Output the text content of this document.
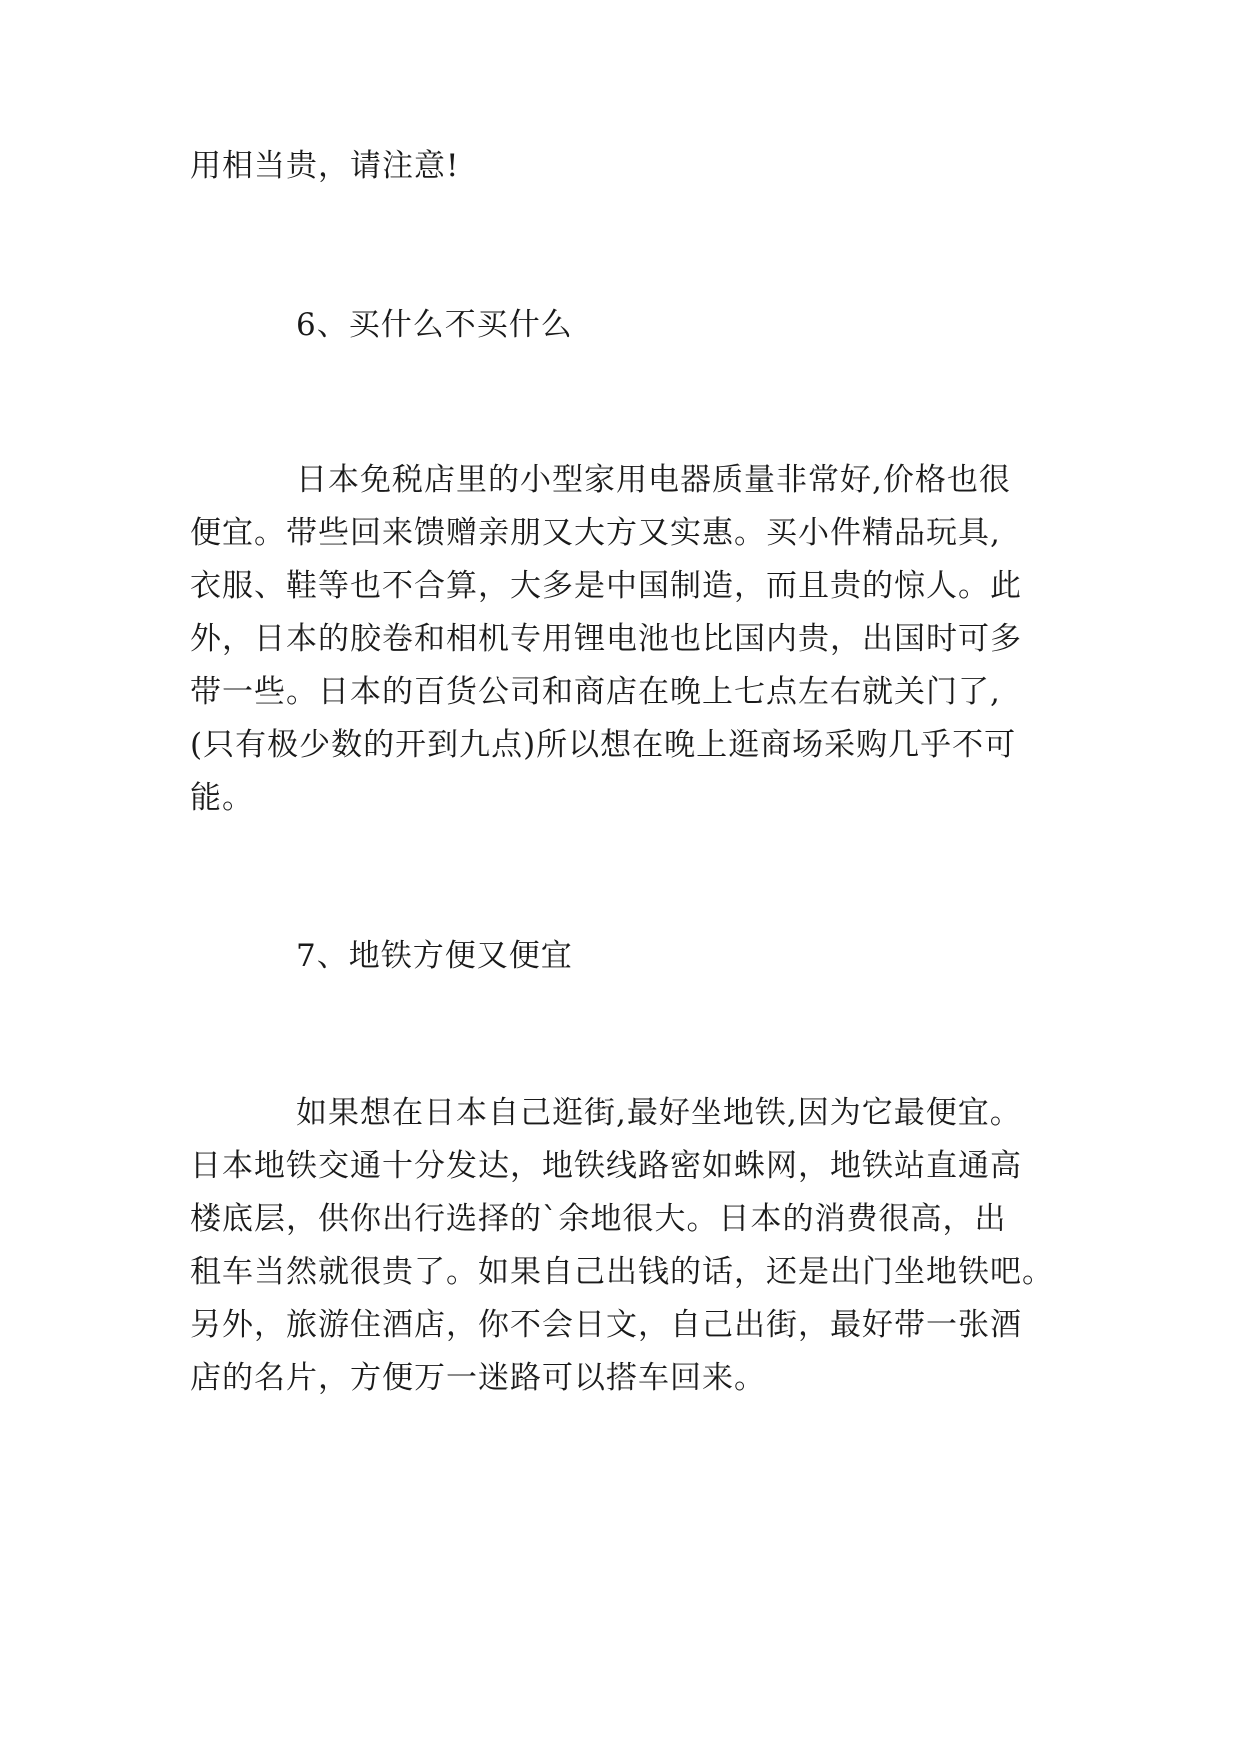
用相当贵，请注意!
6、买什么不买什么
日本免税店里的小型家用电器质量非常好,价格也很
便宜。带些回来馈赠亲朋又大方又实惠。买小件精品玩具,
衣服、鞋等也不合算，大多是中国制造，而且贵的惊人。此
外，日本的胶卷和相机专用锂电池也比国内贵，出国时可多
带一些。日本的百货公司和商店在晚上七点左右就关门了,
(只有极少数的开到九点)所以想在晚上逛商场采购几乎不可
能。
7、地铁方便又便宜
如果想在日本自己逛街,最好坐地铁,因为它最便宜。
日本地铁交通十分发达，地铁线路密如蛛网，地铁站直通高
楼底层，供你出行选择的`余地很大。日本的消费很高，出
租车当然就很贵了。如果自己出钱的话，还是出门坐地铁吧。
另外，旅游住酒店，你不会日文，自己出街，最好带一张酒
店的名片，方便万一迷路可以搭车回来。
